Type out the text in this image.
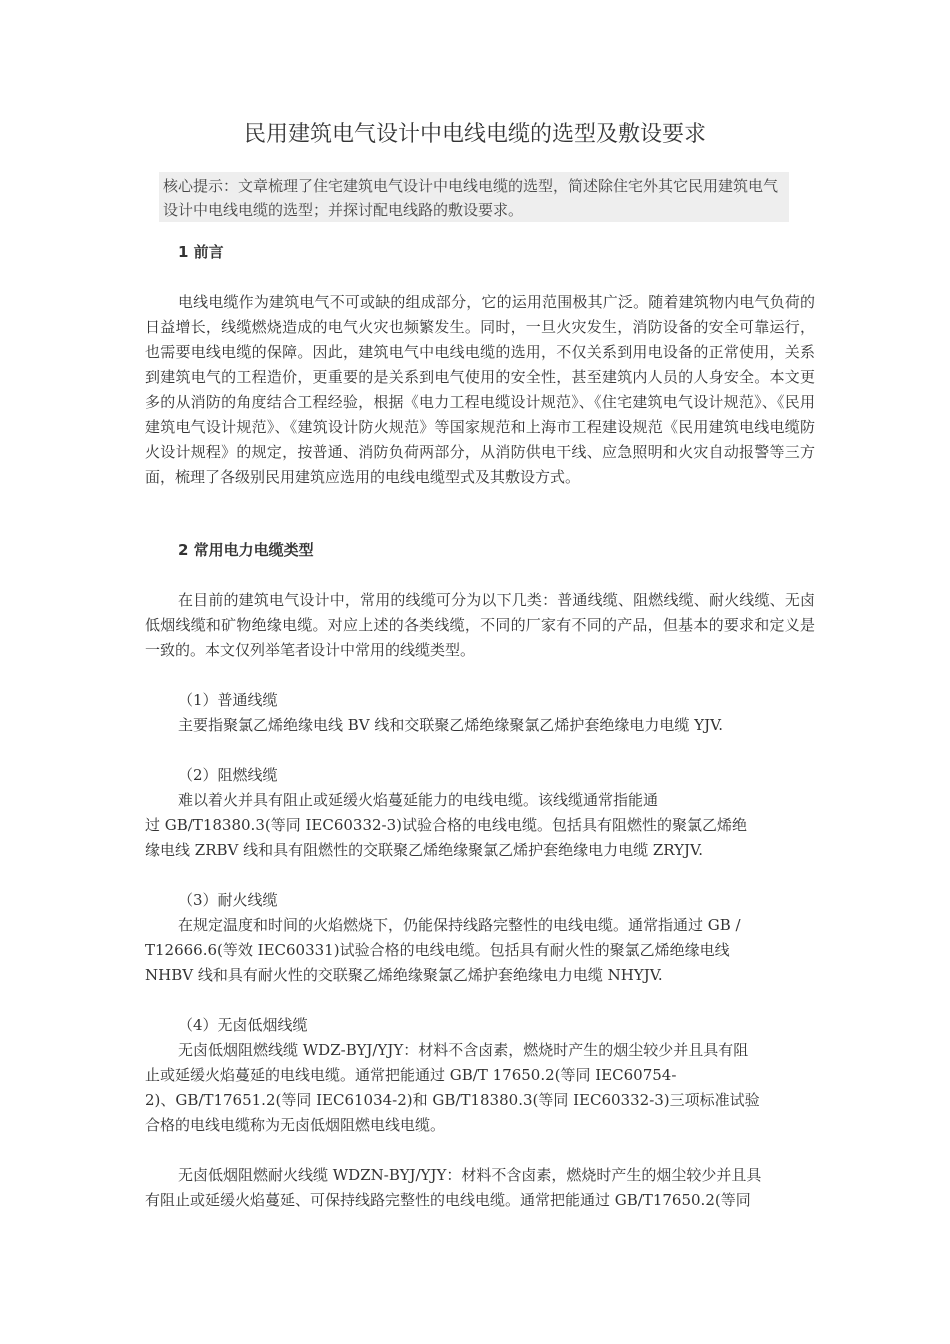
民用建筑电气设计中电线电缆的选型及敷设要求
核心提示：文章梳理了住宅建筑电气设计中电线电缆的选型，简述除住宅外其它民用建筑电气设计中电线电缆的选型；并探讨配电线路的敷设要求。
1 前言

电线电缆作为建筑电气不可或缺的组成部分，它的运用范围极其广泛。随着建筑物内电气负荷的日益增长，线缆燃烧造成的电气火灾也频繁发生。同时，一旦火灾发生，消防设备的安全可靠运行，也需要电线电缆的保障。因此，建筑电气中电线电缆的选用，不仅关系到用电设备的正常使用，关系到建筑电气的工程造价，更重要的是关系到电气使用的安全性，甚至建筑内人员的人身安全。本文更多的从消防的角度结合工程经验，根据《电力工程电缆设计规范》、《住宅建筑电气设计规范》、《民用建筑电气设计规范》、《建筑设计防火规范》等国家规范和上海市工程建设规范《民用建筑电线电缆防火设计规程》的规定，按普通、消防负荷两部分，从消防供电干线、应急照明和火灾自动报警等三方面，梳理了各级别民用建筑应选用的电线电缆型式及其敷设方式。

2 常用电力电缆类型

在目前的建筑电气设计中，常用的线缆可分为以下几类：普通线缆、阻燃线缆、耐火线缆、无卤低烟线缆和矿物绝缘电缆。对应上述的各类线缆，不同的厂家有不同的产品，但基本的要求和定义是一致的。本文仅列举笔者设计中常用的线缆类型。

（1）普通线缆
主要指聚氯乙烯绝缘电线 BV 线和交联聚乙烯绝缘聚氯乙烯护套绝缘电力电缆 YJV.
（2）阻燃线缆
难以着火并具有阻止或延缓火焰蔓延能力的电线电缆。该线缆通常指能通
过 GB/T18380.3(等同 IEC60332-3)试验合格的电线电缆。包括具有阻燃性的聚氯乙烯绝
缘电线 ZRBV 线和具有阻燃性的交联聚乙烯绝缘聚氯乙烯护套绝缘电力电缆 ZRYJV.
（3）耐火线缆
在规定温度和时间的火焰燃烧下，仍能保持线路完整性的电线电缆。通常指通过 GB /
T12666.6(等效 IEC60331)试验合格的电线电缆。包括具有耐火性的聚氯乙烯绝缘电线
NHBV 线和具有耐火性的交联聚乙烯绝缘聚氯乙烯护套绝缘电力电缆 NHYJV.
（4）无卤低烟线缆
无卤低烟阻燃线缆 WDZ-BYJ/YJY：材料不含卤素，燃烧时产生的烟尘较少并且具有阻
止或延缓火焰蔓延的电线电缆。通常把能通过 GB/T 17650.2(等同 IEC60754-
2)、GB/T17651.2(等同 IEC61034-2)和 GB/T18380.3(等同 IEC60332-3)三项标准试验
合格的电线电缆称为无卤低烟阻燃电线电缆。
无卤低烟阻燃耐火线缆 WDZN-BYJ/YJY：材料不含卤素，燃烧时产生的烟尘较少并且具
有阻止或延缓火焰蔓延、可保持线路完整性的电线电缆。通常把能通过 GB/T17650.2(等同
